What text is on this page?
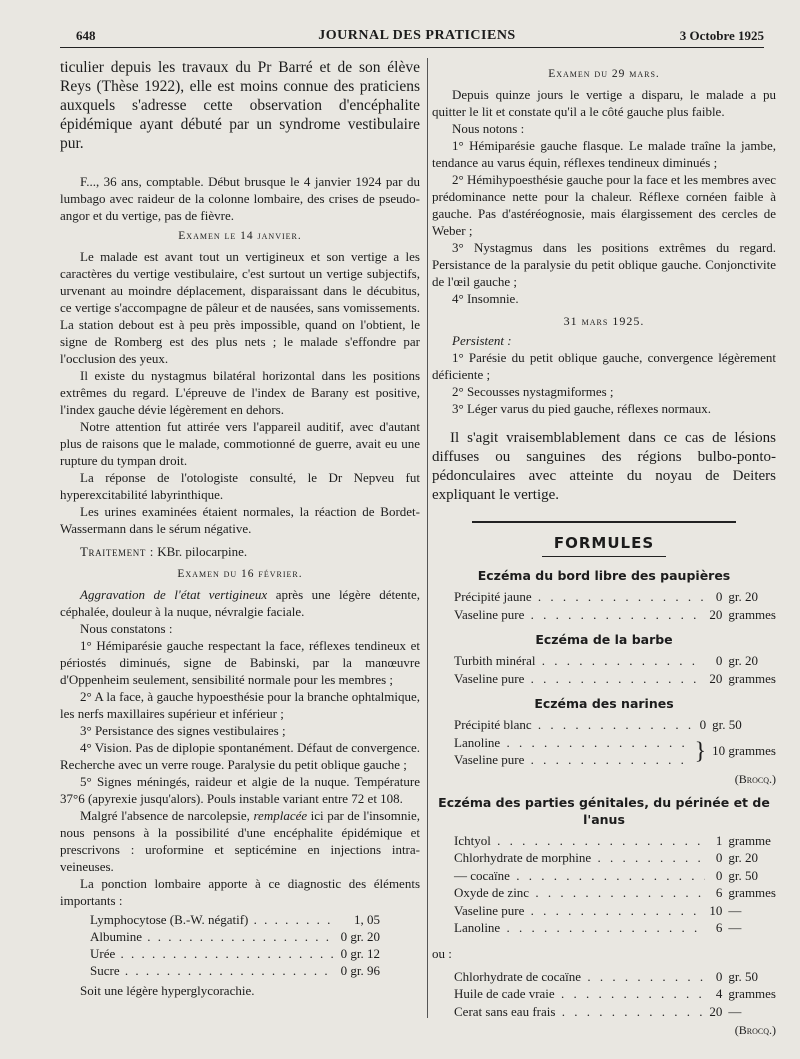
648	JOURNAL DES PRATICIENS	3 Octobre 1925

ticulier depuis les travaux du Pr Barré et de son élève Reys (Thèse 1922), elle est moins connue des praticiens auxquels s'adresse cette observation d'encéphalite épidémique ayant débuté par un syndrome vestibulaire pur.

F..., 36 ans, comptable. Début brusque le 4 janvier 1924 par du lumbago avec raideur de la colonne lombaire, des crises de pseudo-angor et du vertige, pas de fièvre.

Examen le 14 janvier.

Le malade est avant tout un vertigineux et son vertige a les caractères du vertige vestibulaire, c'est surtout un vertige subjectifs, urvenant au moindre déplacement, disparaissant dans le décubitus, ce vertige s'accompagne de pâleur et de nausées, sans vomissements. La station debout est à peu près impossible, quand on l'obtient, le signe de Romberg est des plus nets ; le malade s'effondre par l'occlusion des yeux.

Il existe du nystagmus bilatéral horizontal dans les positions extrêmes du regard. L'épreuve de l'index de Barany est positive, l'index gauche dévie légèrement en dehors.

Notre attention fut attirée vers l'appareil auditif, avec d'autant plus de raisons que le malade, commotionné de guerre, avait eu une rupture du tympan droit.

La réponse de l'otologiste consulté, le Dr Nepveu fut hyperexcitabilité labyrinthique.

Les urines examinées étaient normales, la réaction de Bordet-Wassermann dans le sérum négative.

Traitement : KBr. pilocarpine.

Examen du 16 février.

Aggravation de l'état vertigineux après une légère détente, céphalée, douleur à la nuque, névralgie faciale.

Nous constatons :

1° Hémiparésie gauche respectant la face, réflexes tendineux et périostés diminués, signe de Babinski, par la manœuvre d'Oppenheim seulement, sensibilité normale pour les membres ;

2° A la face, à gauche hypoesthésie pour la branche ophtalmique, les nerfs maxillaires supérieur et inférieur ;

3° Persistance des signes vestibulaires ;

4° Vision. Pas de diplopie spontanément. Défaut de convergence. Recherche avec un verre rouge. Paralysie du petit oblique gauche ;

5° Signes méningés, raideur et algie de la nuque. Température 37°6 (apyrexie jusqu'alors). Pouls instable variant entre 72 et 108.

Malgré l'absence de narcolepsie, remplacée ici par de l'insomnie, nous pensons à la possibilité d'une encéphalite épidémique et prescrivons : uroformine et septicémine en injections intra-veineuses.

La ponction lombaire apporte à ce diagnostic des éléments importants :

Lymphocytose (B.-W. négatif) . . .	1, 05
Albumine . . .	0 gr. 20
Urée . . .	0 gr. 12
Sucre . . .	0 gr. 96

Soit une légère hyperglycorachie.

Examen du 29 mars.

Depuis quinze jours le vertige a disparu, le malade a pu quitter le lit et constate qu'il a le côté gauche plus faible.

Nous notons :

1° Hémiparésie gauche flasque. Le malade traîne la jambe, tendance au varus équin, réflexes tendineux diminués ;

2° Hémihypoesthésie gauche pour la face et les membres avec prédominance nette pour la chaleur. Réflexe cornéen faible à gauche. Pas d'astéréognosie, mais élargissement des cercles de Weber ;

3° Nystagmus dans les positions extrêmes du regard. Persistance de la paralysie du petit oblique gauche. Conjonctivite de l'œil gauche ;

4° Insomnie.

31 mars 1925.

Persistent :

1° Parésie du petit oblique gauche, convergence légèrement déficiente ;

2° Secousses nystagmiformes ;

3° Léger varus du pied gauche, réflexes normaux.

Il s'agit vraisemblablement dans ce cas de lésions diffuses ou sanguines des régions bulbo-ponto-pédonculaires avec atteinte du noyau de Deiters expliquant le vertige.

FORMULES
Eczéma du bord libre des paupières
Précipité jaune . . .	0	gr. 20
Vaseline pure . . .	20	grammes
Eczéma de la barbe
Turbith minéral . . .	0	gr. 20
Vaseline pure . . .	20	grammes
Eczéma des narines
Précipité blanc . . .	0	gr. 50
Lanoline . . .	}	10 grammes
Vaseline pure . . .
(Brocq.)
Eczéma des parties génitales, du périnée et de l'anus
Ichtyol . . .	1	gramme
Chlorhydrate de morphine . . .	0	gr. 20
— cocaïne . . .	0	gr. 50
Oxyde de zinc . . .	6	grammes
Vaseline pure . . .	10	—
Lanoline . . .	6	—
ou :
Chlorhydrate de cocaïne . . .	0	gr. 50
Huile de cade vraie . . .	4	grammes
Cerat sans eau frais . . .	20	—
(Brocq.)
